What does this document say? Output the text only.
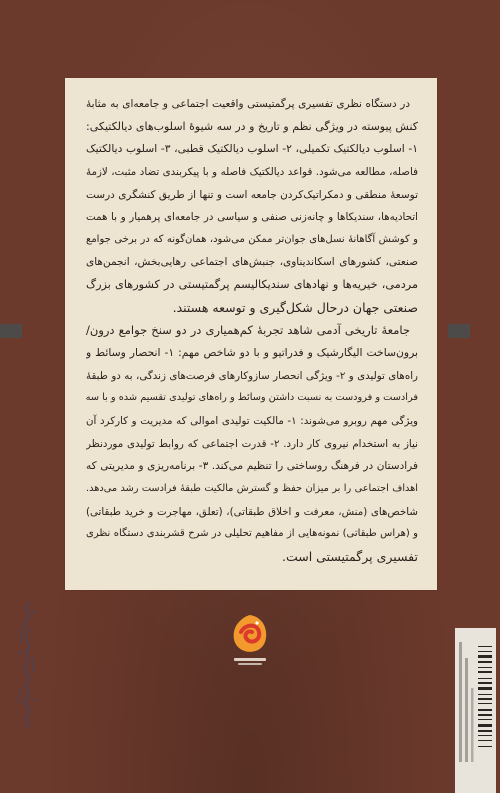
در دستگاه نظری تفسیری پرگمتیستی واقعیت اجتماعی و جامعه‌ای به مثابهٔ
کنش پیوسته در ویژگی نظم و تاریخ و در سه شیوهٔ اسلوب‌های دیالکتیکی:
۱- اسلوب دیالکتیک تکمیلی، ۲- اسلوب دیالکتیک قطبی، ۳- اسلوب دیالکتیک
فاصله، مطالعه می‌شود. قواعد دیالکتیک فاصله و با پیکربندی تضاد مثبت، لازمهٔ
توسعهٔ منطقی و دمکراتیک‌کردن جامعه است و تنها از طریق کنشگری درست
اتحادیه‌ها، سندیکاها و چانه‌زنی صنفی و سیاسی در جامعه‌ای پرهمیار و با همت
و کوشش آگاهانهٔ نسل‌های جوان‌تر ممکن می‌شود، همان‌گونه که در برخی جوامع
صنعتی، کشورهای اسکاندیناوی، جنبش‌های اجتماعی رهایی‌بخش، انجمن‌های
مردمی، خیریه‌ها و نهادهای سندیکالیسم پرگمتیستی در کشورهای بزرگ
صنعتی جهان درحال شکل‌گیری و توسعه هستند.
جامعهٔ تاریخی آدمی شاهد تجربهٔ کم‌همیاری در دو سنخ جوامع درون/
برون‌ساخت الیگارشیک و فدراتیو و با دو شاخص مهم: ۱- انحصار وسائط و
راه‌های تولیدی و ۲- ویژگی انحصار سازوکارهای فرصت‌های زندگی، به دو طبقهٔ
فرادست و فرودست به نسبت داشتن وسائط و راه‌های تولیدی تقسیم شده و با سه
ویژگی مهم روبرو می‌شوند: ۱- مالکیت تولیدی اموالی که مدیریت و کارکرد آن
نیاز به استخدام نیروی کار دارد. ۲- قدرت اجتماعی که روابط تولیدی موردنظر
فرادستان در فرهنگ روساختی را تنظیم می‌کند. ۳- برنامه‌ریزی و مدیریتی که
اهداف اجتماعی را بر میزان حفظ و گسترش مالکیت طبقهٔ فرادست رشد می‌دهد.
شاخص‌های (منش، معرفت و اخلاق طبقاتی)، (تعلق، مهاجرت و خرید طبقاتی)
و (هراس طبقاتی) نمونه‌هایی از مفاهیم تحلیلی در شرح قشربندی دستگاه نظری
تفسیری پرگمتیستی است.
